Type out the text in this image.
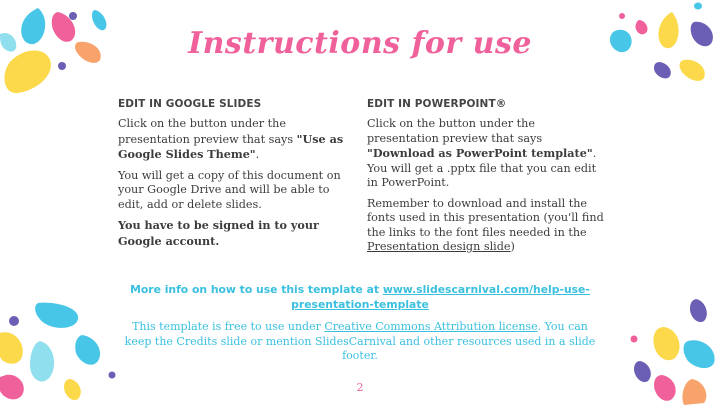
Instructions for use
EDIT IN GOOGLE SLIDES

Click on the button under the presentation preview that says "Use as Google Slides Theme".

You will get a copy of this document on your Google Drive and will be able to edit, add or delete slides.

You have to be signed in to your Google account.

EDIT IN POWERPOINT®

Click on the button under the presentation preview that says "Download as PowerPoint template". You will get a .pptx file that you can edit in PowerPoint.

Remember to download and install the fonts used in this presentation (you'll find the links to the font files needed in the Presentation design slide)

More info on how to use this template at www.slidescarnival.com/help-use-presentation-template
This template is free to use under Creative Commons Attribution license. You can keep the Credits slide or mention SlidesCarnival and other resources used in a slide footer.
2
